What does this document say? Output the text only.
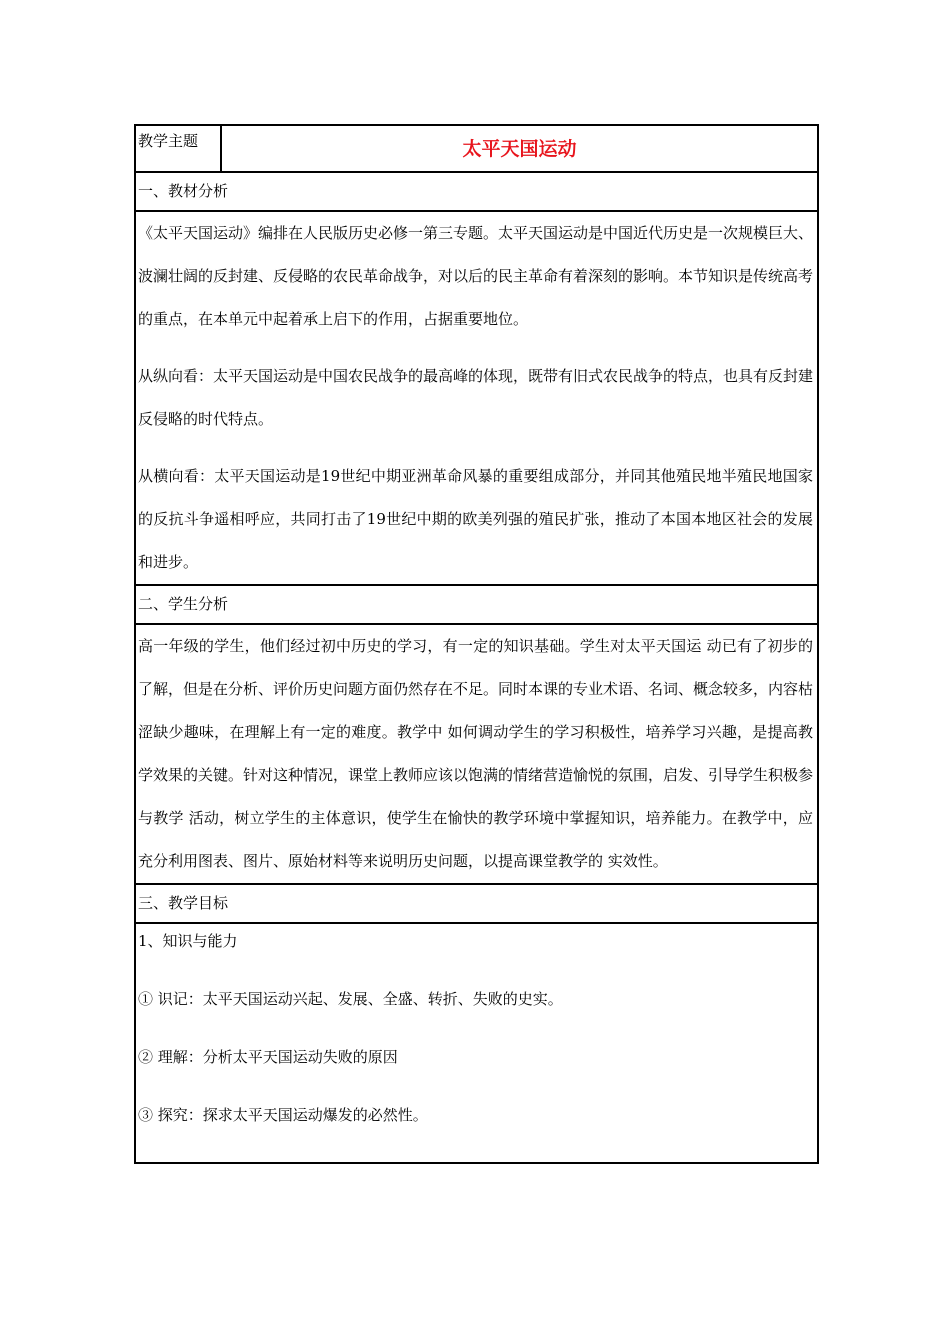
教学主题	太平天国运动
一、教材分析

《太平天国运动》编排在人民版历史必修一第三专题。太平天国运动是中国近代历史是一次规模巨大、波澜壮阔的反封建、反侵略的农民革命战争，对以后的民主革命有着深刻的影响。本节知识是传统高考的重点，在本单元中起着承上启下的作用，占据重要地位。

从纵向看：太平天国运动是中国农民战争的最高峰的体现，既带有旧式农民战争的特点，也具有反封建反侵略的时代特点。

从横向看：太平天国运动是19世纪中期亚洲革命风暴的重要组成部分，并同其他殖民地半殖民地国家的反抗斗争遥相呼应，共同打击了19世纪中期的欧美列强的殖民扩张，推动了本国本地区社会的发展和进步。

二、学生分析

高一年级的学生，他们经过初中历史的学习，有一定的知识基础。学生对太平天国运 动已有了初步的了解，但是在分析、评价历史问题方面仍然存在不足。同时本课的专业术语、名词、概念较多，内容枯涩缺少趣味，在理解上有一定的难度。教学中 如何调动学生的学习积极性，培养学习兴趣，是提高教学效果的关键。针对这种情况，课堂上教师应该以饱满的情绪营造愉悦的氛围，启发、引导学生积极参与教学 活动，树立学生的主体意识，使学生在愉快的教学环境中掌握知识，培养能力。在教学中，应充分利用图表、图片、原始材料等来说明历史问题，以提高课堂教学的 实效性。

三、教学目标

1、知识与能力

① 识记：太平天国运动兴起、发展、全盛、转折、失败的史实。

② 理解：分析太平天国运动失败的原因

③ 探究：探求太平天国运动爆发的必然性。
